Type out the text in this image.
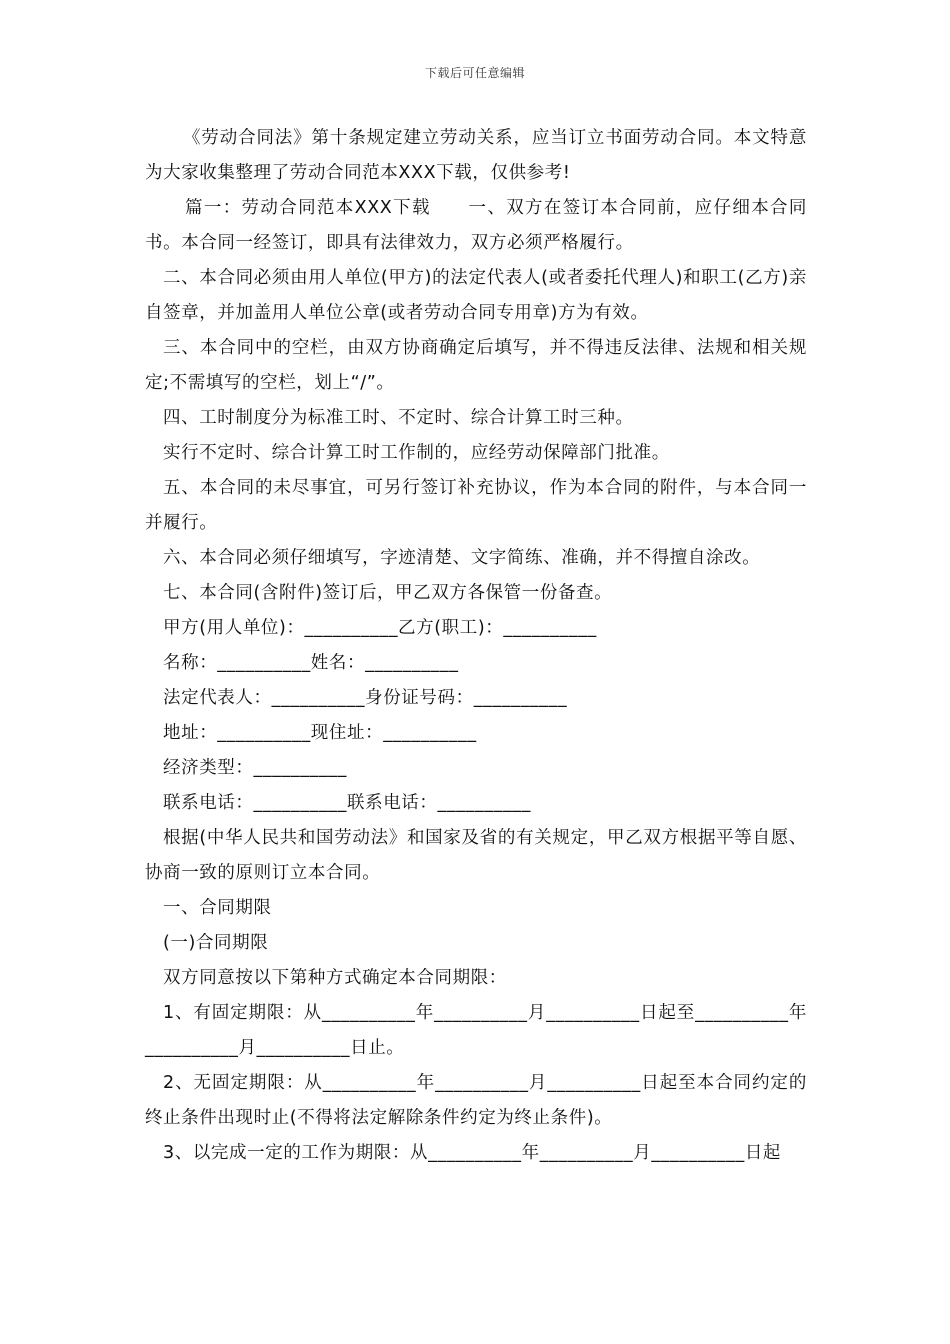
下载后可任意编辑

《劳动合同法》第十条规定建立劳动关系，应当订立书面劳动合同。本文特意为大家收集整理了劳动合同范本XXX下载，仅供参考!

篇一：劳动合同范本XXX下载　　一、双方在签订本合同前，应仔细本合同书。本合同一经签订，即具有法律效力，双方必须严格履行。

二、本合同必须由用人单位(甲方)的法定代表人(或者委托代理人)和职工(乙方)亲自签章，并加盖用人单位公章(或者劳动合同专用章)方为有效。

三、本合同中的空栏，由双方协商确定后填写，并不得违反法律、法规和相关规定;不需填写的空栏，划上“/”。

四、工时制度分为标准工时、不定时、综合计算工时三种。

实行不定时、综合计算工时工作制的，应经劳动保障部门批准。

五、本合同的未尽事宜，可另行签订补充协议，作为本合同的附件，与本合同一并履行。

六、本合同必须仔细填写，字迹清楚、文字简练、准确，并不得擅自涂改。

七、本合同(含附件)签订后，甲乙双方各保管一份备查。

甲方(用人单位)：__________乙方(职工)：__________

名称：__________姓名：__________

法定代表人：__________身份证号码：__________

地址：__________现住址：__________

经济类型：__________

联系电话：__________联系电话：__________

根据(中华人民共和国劳动法》和国家及省的有关规定，甲乙双方根据平等自愿、协商一致的原则订立本合同。

一、合同期限

(一)合同期限

双方同意按以下第种方式确定本合同期限：

1、有固定期限：从__________年__________月__________日起至__________年__________月__________日止。

2、无固定期限：从__________年__________月__________日起至本合同约定的终止条件出现时止(不得将法定解除条件约定为终止条件)。

3、以完成一定的工作为期限：从__________年__________月__________日起
